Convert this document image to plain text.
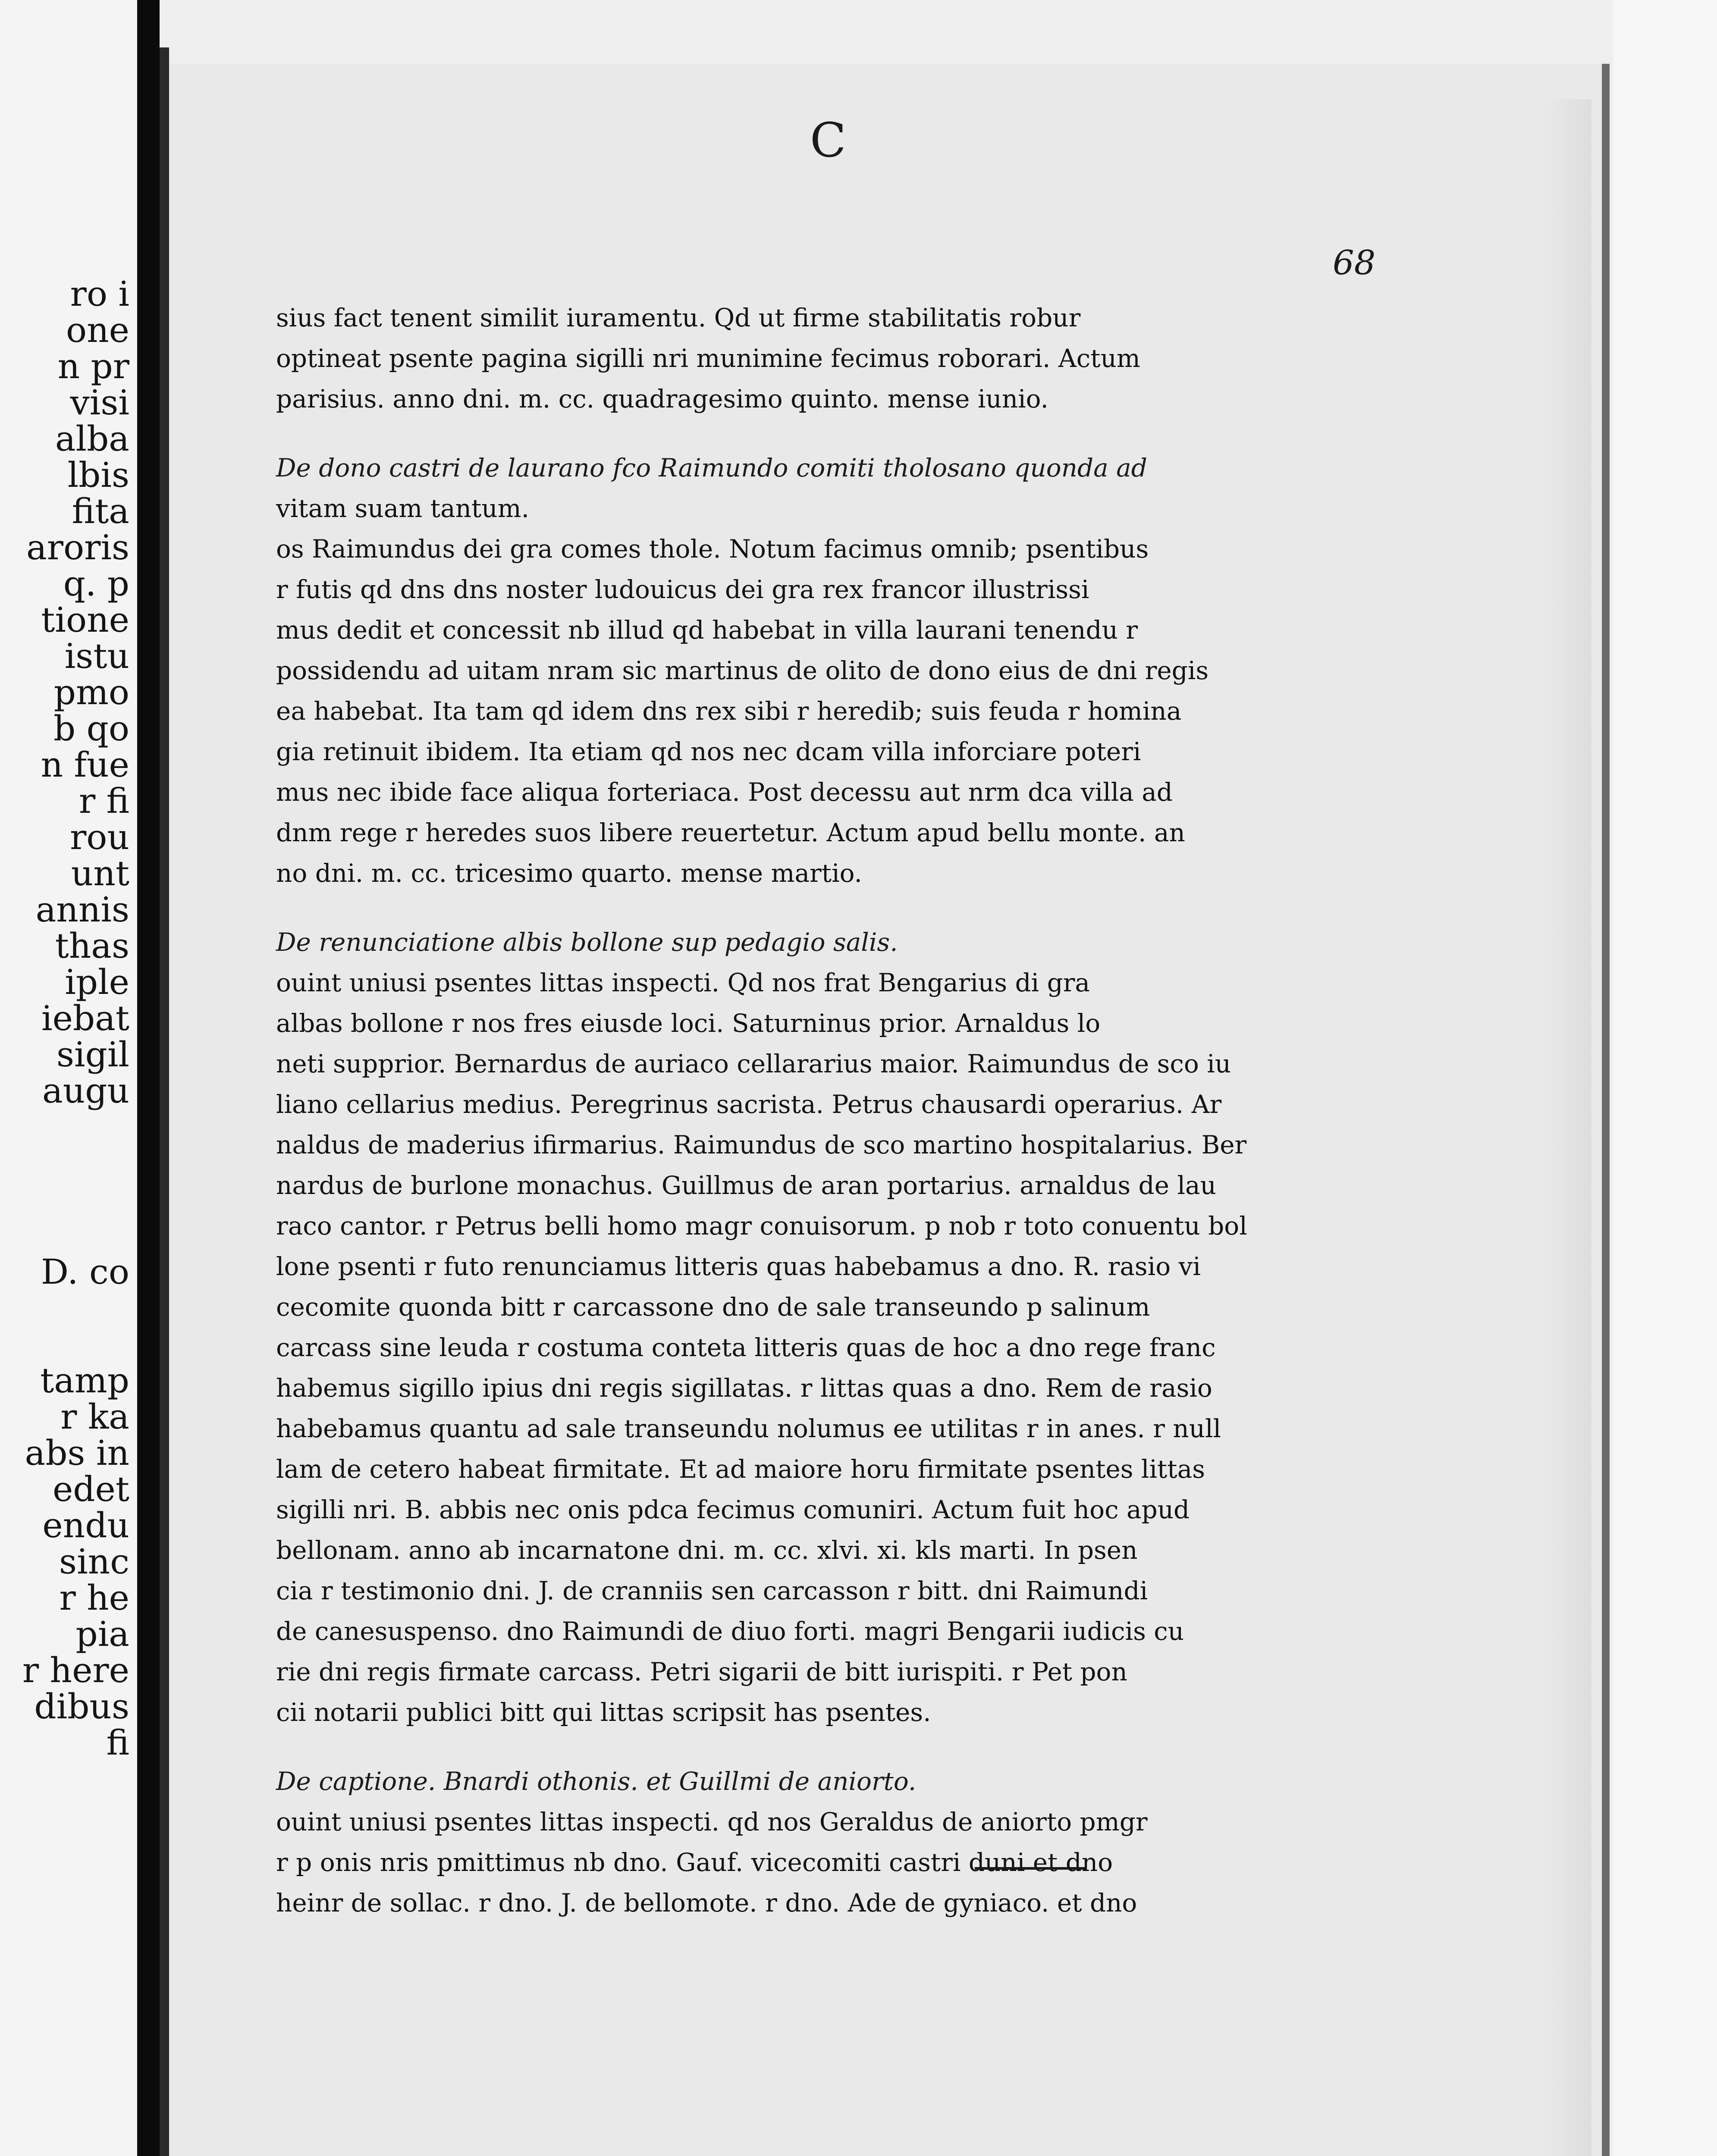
ro i
one
n pr
visi
alba
lbis
fita
aroris
q. p
tione
istu
pmo
b qo
n fue
r fi
rou
unt
annis
thas
iple
iebat
sigil
augu
D. co
tamp
r ka
abs in
edet
endu
sinc
r he
pia
r here
dibus
fi
C
68
sius fact tenent similit iuramentu. Qd ut firme stabilitatis robur
optineat psente pagina sigilli nri munimine fecimus roborari. Actum
parisius. anno dni. m. cc. quadragesimo quinto. mense iunio.
De dono castri de laurano fco Raimundo comiti tholosano quonda ad
vitam suam tantum.
os Raimundus dei gra comes thole. Notum facimus omnib; psentibus
r futis qd dns dns noster ludouicus dei gra rex francor illustrissi
mus dedit et concessit nb illud qd habebat in villa laurani tenendu r
possidendu ad uitam nram sic martinus de olito de dono eius de dni regis
ea habebat. Ita tam qd idem dns rex sibi r heredib; suis feuda r homina
gia retinuit ibidem. Ita etiam qd nos nec dcam villa inforciare poteri
mus nec ibide face aliqua forteriaca. Post decessu aut nrm dca villa ad
dnm rege r heredes suos libere reuertetur. Actum apud bellu monte. an
no dni. m. cc. tricesimo quarto. mense martio.
De renunciatione albis bollone sup pedagio salis.
ouint uniusi psentes littas inspecti. Qd nos frat Bengarius di gra
albas bollone r nos fres eiusde loci. Saturninus prior. Arnaldus lo
neti supprior. Bernardus de auriaco cellararius maior. Raimundus de sco iu
liano cellarius medius. Peregrinus sacrista. Petrus chausardi operarius. Ar
naldus de maderius ifirmarius. Raimundus de sco martino hospitalarius. Ber
nardus de burlone monachus. Guillmus de aran portarius. arnaldus de lau
raco cantor. r Petrus belli homo magr conuisorum. p nob r toto conuentu bol
lone psenti r futo renunciamus litteris quas habebamus a dno. R. rasio vi
cecomite quonda bitt r carcassone dno de sale transeundo p salinum
carcass sine leuda r costuma conteta litteris quas de hoc a dno rege franc
habemus sigillo ipius dni regis sigillatas. r littas quas a dno. Rem de rasio
habebamus quantu ad sale transeundu nolumus ee utilitas r in anes. r null
lam de cetero habeat firmitate. Et ad maiore horu firmitate psentes littas
sigilli nri. B. abbis nec onis pdca fecimus comuniri. Actum fuit hoc apud
bellonam. anno ab incarnatone dni. m. cc. xlvi. xi. kls marti. In psen
cia r testimonio dni. J. de cranniis sen carcasson r bitt. dni Raimundi
de canesuspenso. dno Raimundi de diuo forti. magri Bengarii iudicis cu
rie dni regis firmate carcass. Petri sigarii de bitt iurispiti. r Pet pon
cii notarii publici bitt qui littas scripsit has psentes.
De captione. Bnardi othonis. et Guillmi de aniorto.
ouint uniusi psentes littas inspecti. qd nos Geraldus de aniorto pmgr
r p onis nris pmittimus nb dno. Gauf. vicecomiti castri duni et dno
heinr de sollac. r dno. J. de bellomote. r dno. Ade de gyniaco. et dno
